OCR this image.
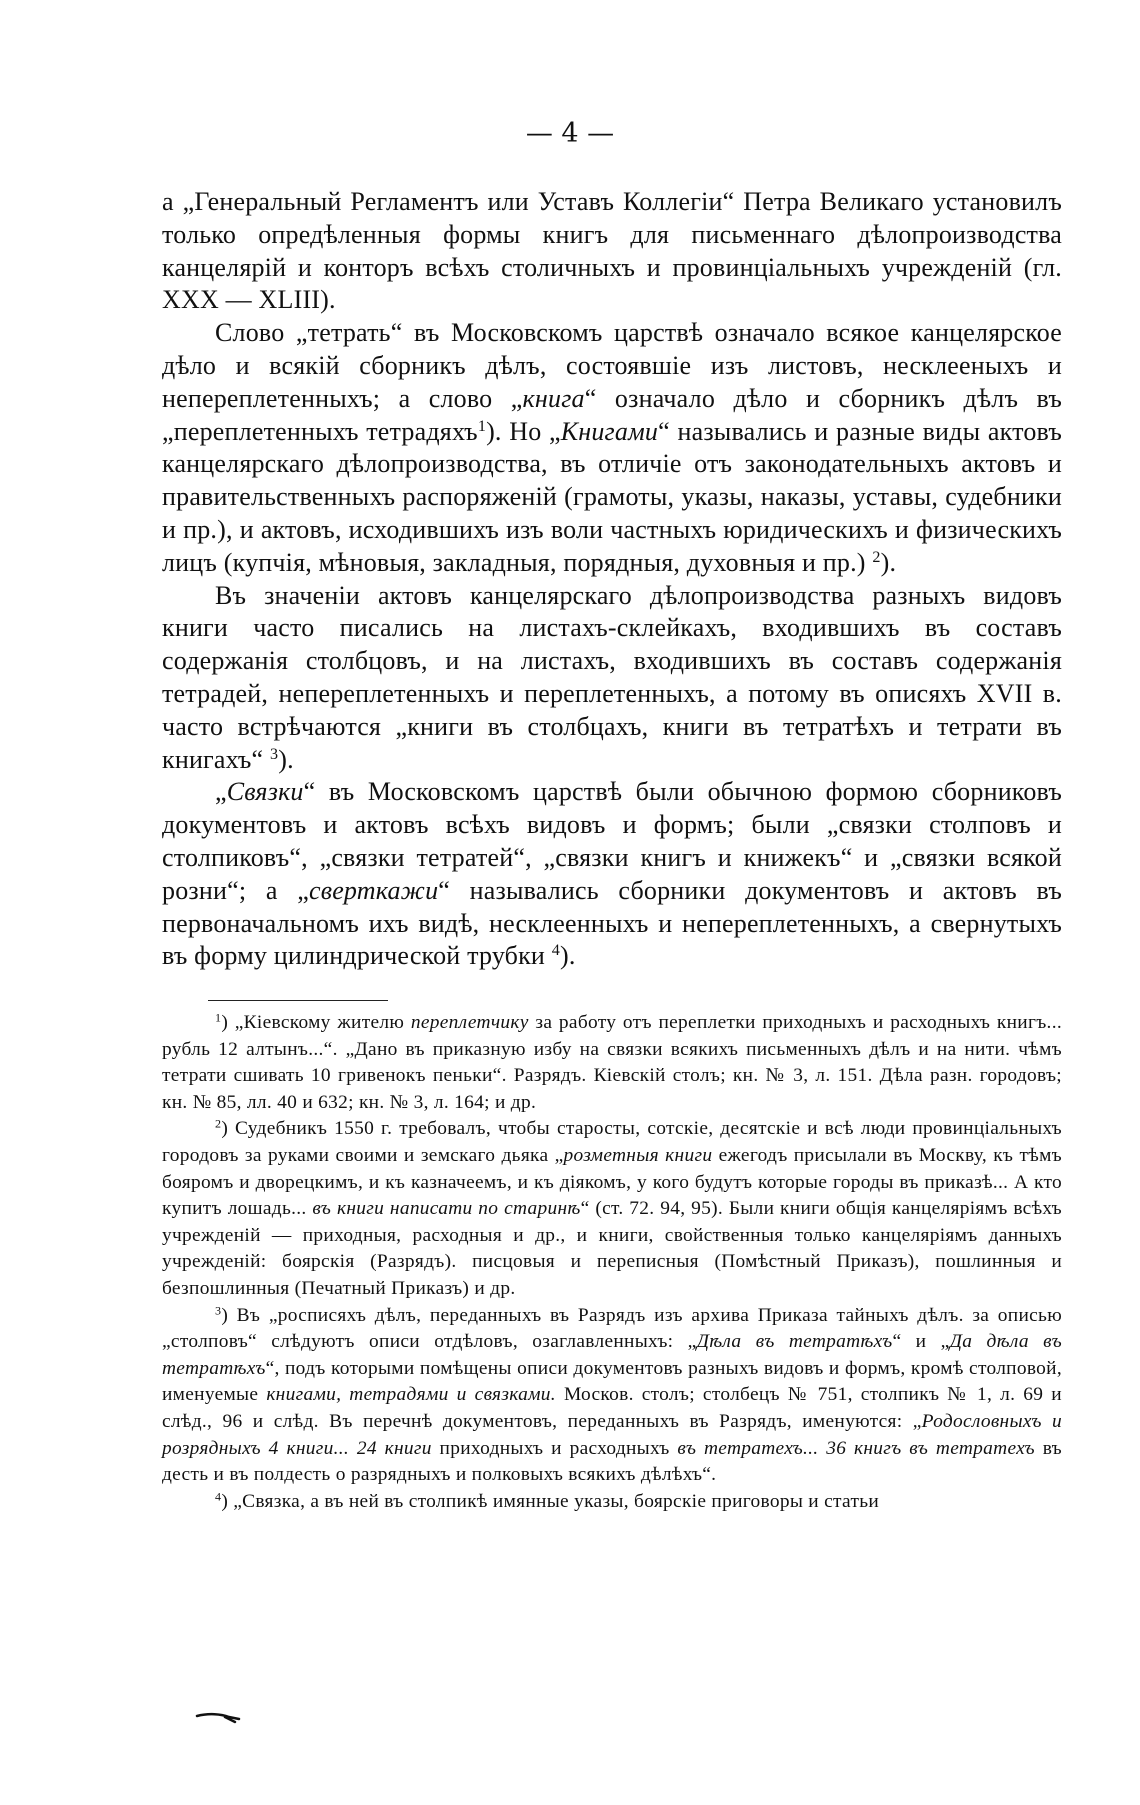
— 4 —

а „Генеральный Регламентъ или Уставъ Коллегіи“ Петра Великаго установилъ только опредѣленныя формы книгъ для письменнаго дѣлопроизводства канцелярій и конторъ всѣхъ столичныхъ и провинціальныхъ учрежденій (гл. XXX — XLIII).

Слово „тетрать“ въ Московскомъ царствѣ означало всякое канцелярское дѣло и всякій сборникъ дѣлъ, состоявшіе изъ листовъ, несклееныхъ и непереплетенныхъ; а слово „книга“ означало дѣло и сборникъ дѣлъ въ „переплетенныхъ тетрадяхъ$^1$). Но „Книгами“ назывались и разные виды актовъ канцелярскаго дѣлопроизводства, въ отличіе отъ законодательныхъ актовъ и правительственныхъ распоряженій (грамоты, указы, наказы, уставы, судебники и пр.), и актовъ, исходившихъ изъ воли частныхъ юридическихъ и физическихъ лицъ (купчія, мѣновыя, закладныя, порядныя, духовныя и пр.) $^2$).

Въ значеніи актовъ канцелярскаго дѣлопроизводства разныхъ видовъ книги часто писались на листахъ-склейкахъ, входившихъ въ составъ содержанія столбцовъ, и на листахъ, входившихъ въ составъ содержанія тетрадей, непереплетенныхъ и переплетенныхъ, а потому въ описяхъ XVII в. часто встрѣчаются „книги въ столбцахъ, книги въ тетратѣхъ и тетрати въ книгахъ“ $^3$).

„Связки“ въ Московскомъ царствѣ были обычною формою сборниковъ документовъ и актовъ всѣхъ видовъ и формъ; были „связки столповъ и столпиковъ“, „связки тетратей“, „связки книгъ и книжекъ“ и „связки всякой розни“; а „сверткажи“ назывались сборники документовъ и актовъ въ первоначальномъ ихъ видѣ, несклеенныхъ и непереплетенныхъ, а свернутыхъ въ форму цилиндрической трубки $^4$).

$^1$) „Кіевскому жителю переплетчику за работу отъ переплетки приходныхъ и расходныхъ книгъ... рубль 12 алтынъ...“. „Дано въ приказную избу на связки всякихъ письменныхъ дѣлъ и на нити. чѣмъ тетрати сшивать 10 гривенокъ пеньки“. Разрядъ. Кіевскій столъ; кн. № 3, л. 151. Дѣла разн. городовъ; кн. № 85, лл. 40 и 632; кн. № 3, л. 164; и др.

$^2$) Судебникъ 1550 г. требовалъ, чтобы старосты, сотскіе, десятскіе и всѣ люди провинціальныхъ городовъ за руками своими и земскаго дьяка „розметныя книги ежегодъ присылали въ Москву, къ тѣмъ бояромъ и дворецкимъ, и къ казначеемъ, и къ діякомъ, у кого будутъ которые городы въ приказѣ... А кто купитъ лошадь... въ книги написати по старинѣ“ (ст. 72. 94, 95). Были книги общія канцеляріямъ всѣхъ учрежденій — приходныя, расходныя и др., и книги, свойственныя только канцеляріямъ данныхъ учрежденій: боярскія (Разрядъ). писцовыя и переписныя (Помѣстный Приказъ), пошлинныя и безпошлинныя (Печатный Приказъ) и др.

$^3$) Въ „росписяхъ дѣлъ, переданныхъ въ Разрядъ изъ архива Приказа тайныхъ дѣлъ. за описью „столповъ“ слѣдуютъ описи отдѣловъ, озаглавленныхъ: „Дѣла въ тетратѣхъ“ и „Да дѣла въ тетратѣхъ“, подъ которыми помѣщены описи документовъ разныхъ видовъ и формъ, кромѣ столповой, именуемые книгами, тетрадями и связками. Москов. столъ; столбецъ № 751, столпикъ № 1, л. 69 и слѣд., 96 и слѣд. Въ перечнѣ документовъ, переданныхъ въ Разрядъ, именуются: „Родословныхъ и розрядныхъ 4 книги... 24 книги приходныхъ и расходныхъ въ тетратехъ... 36 книгъ въ тетратехъ въ десть и въ полдесть о разрядныхъ и полковыхъ всякихъ дѣлѣхъ“.

$^4$) „Связка, а въ ней въ столпикѣ имянные указы, боярскіе приговоры и статьи
